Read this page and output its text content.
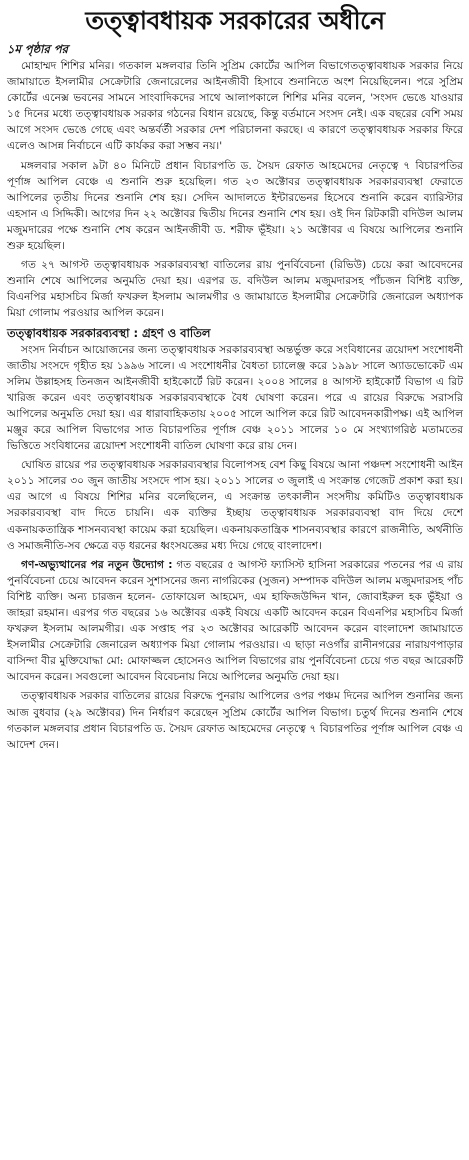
তত্ত্বাবধায়ক সরকারের অধীনে
১ম পৃষ্ঠার পর

মোহাম্মদ শিশির মনির। গতকাল মঙ্গলবার তিনি সুপ্রিম কোর্টের আপিল বিভাগেতত্ত্বাবধায়ক সরকার নিয়ে জামায়াতে ইসলামীর সেক্রেটারি জেনারেলের আইনজীবী হিসাবে শুনানিতে অংশ নিয়েছিলেন। পরে সুপ্রিম কোর্টের এনেক্স ভবনের সামনে সাংবাদিকদের সাথে আলাপকালে শিশির মনির বলেন, 'সংসদ ভেঙে যাওয়ার ১৫ দিনের মধ্যে তত্ত্বাবধায়ক সরকার গঠনের বিধান রয়েছে, কিন্তু বর্তমানে সংসদ নেই। এক বছরের বেশি সময় আগে সংসদ ভেঙে গেছে এবং অন্তর্বর্তী সরকার দেশ পরিচালনা করছে। এ কারণে তত্ত্বাবধায়ক সরকার ফিরে এলেও আসন্ন নির্বাচনে এটি কার্যকর করা সম্ভব নয়।'

মঙ্গলবার সকাল ৯টা ৪০ মিনিটে প্রধান বিচারপতি ড. সৈয়দ রেফাত আহমেদের নেতৃত্বে ৭ বিচারপতির পূর্ণাঙ্গ আপিল বেঞ্চে এ শুনানি শুরু হয়েছিল। গত ২৩ অক্টোবর তত্ত্বাবধায়ক সরকারব্যবস্থা ফেরাতে আপিলের তৃতীয় দিনের শুনানি শেষ হয়। সেদিন আদালতে ইন্টারভেনর হিসেবে শুনানি করেন ব্যারিস্টার এহসান এ সিদ্দিকী। আগের দিন ২২ অক্টোবর দ্বিতীয় দিনের শুনানি শেষ হয়। ওই দিন রিটকারী বদিউল আলম মজুমদারের পক্ষে শুনানি শেষ করেন আইনজীবী ড. শরীফ ভূঁইয়া। ২১ অক্টোবর এ বিষয়ে আপিলের শুনানি শুরু হয়েছিল।

গত ২৭ আগস্ট তত্ত্বাবধায়ক সরকারব্যবস্থা বাতিলের রায় পুনর্বিবেচনা (রিভিউ) চেয়ে করা আবেদনের শুনানি শেষে আপিলের অনুমতি দেয়া হয়। এরপর ড. বদিউল আলম মজুমদারসহ পাঁচজন বিশিষ্ট ব্যক্তি, বিএনপির মহাসচিব মির্জা ফখরুল ইসলাম আলমগীর ও জামায়াতে ইসলামীর সেক্রেটারি জেনারেল অধ্যাপক মিয়া গোলাম পরওয়ার আপিল করেন।

তত্ত্বাবধায়ক সরকারব্যবস্থা : গ্রহণ ও বাতিল

সংসদ নির্বাচন আয়োজনের জন্য তত্ত্বাবধায়ক সরকারব্যবস্থা অন্তর্ভুক্ত করে সংবিধানের ত্রয়োদশ সংশোধনী জাতীয় সংসদে গৃহীত হয় ১৯৯৬ সালে। এ সংশোধনীর বৈধতা চ্যালেঞ্জ করে ১৯৯৮ সালে অ্যাডভোকেট এম সলিম উল্লাহসহ তিনজন আইনজীবী হাইকোর্টে রিট করেন। ২০০৪ সালের ৪ আগস্ট হাইকোর্ট বিভাগ এ রিট খারিজ করেন এবং তত্ত্বাবধায়ক সরকারব্যবস্থাকে বৈধ ঘোষণা করেন। পরে এ রায়ের বিরুদ্ধে সরাসরি আপিলের অনুমতি দেয়া হয়। এর ধারাবাহিকতায় ২০০৫ সালে আপিল করে রিট আবেদনকারীপক্ষ। এই আপিল মঞ্জুর করে আপিল বিভাগের সাত বিচারপতির পূর্ণাঙ্গ বেঞ্চ ২০১১ সালের ১০ মে সংখ্যাগরিষ্ঠ মতামতের ভিত্তিতে সংবিধানের ত্রয়োদশ সংশোধনী বাতিল ঘোষণা করে রায় দেন।

ঘোষিত রায়ের পর তত্ত্বাবধায়ক সরকারব্যবস্থার বিলোপসহ বেশ কিছু বিষয়ে আনা পঞ্চদশ সংশোধনী আইন ২০১১ সালের ৩০ জুন জাতীয় সংসদে পাস হয়। ২০১১ সালের ৩ জুলাই এ সংক্রান্ত গেজেট প্রকাশ করা হয়। এর আগে এ বিষয়ে শিশির মনির বলেছিলেন, এ সংক্রান্ত তৎকালীন সংসদীয় কমিটিও তত্ত্বাবধায়ক সরকারব্যবস্থা বাদ দিতে চায়নি। এক ব্যক্তির ইচ্ছায় তত্ত্বাবধায়ক সরকারব্যবস্থা বাদ দিয়ে দেশে একনায়কতান্ত্রিক শাসনব্যবস্থা কায়েম করা হয়েছিল। একনায়কতান্ত্রিক শাসনব্যবস্থার কারণে রাজনীতি, অর্থনীতি ও সমাজনীতি-সব ক্ষেত্রে বড় ধরনের ধ্বংসযজ্ঞের মধ্য দিয়ে গেছে বাংলাদেশ।

গণ-অভ্যুত্থানের পর নতুন উদ্যোগ : গত বছরের ৫ আগস্ট ফ্যাসিস্ট হাসিনা সরকারের পতনের পর এ রায় পুনর্বিবেচনা চেয়ে আবেদন করেন সুশাসনের জন্য নাগরিকের (সুজন) সম্পাদক বদিউল আলম মজুমদারসহ পাঁচ বিশিষ্ট ব্যক্তি। অন্য চারজন হলেন- তোফায়েল আহমেদ, এম হাফিজউদ্দিন খান, জোবাইরুল হক ভুঁইয়া ও জাহরা রহমান। এরপর গত বছরের ১৬ অক্টোবর একই বিষয়ে একটি আবেদন করেন বিএনপির মহাসচিব মির্জা ফখরুল ইসলাম আলমগীর। এক সপ্তাহ পর ২৩ অক্টোবর আরেকটি আবেদন করেন বাংলাদেশ জামায়াতে ইসলামীর সেক্রেটারি জেনারেল অধ্যাপক মিয়া গোলাম পরওয়ার। এ ছাড়া নওগাঁর রানীনগরের নারায়ণপাড়ার বাসিন্দা বীর মুক্তিযোদ্ধা মো: মোফাজ্জল হোসেনও আপিল বিভাগের রায় পুনর্বিবেচনা চেয়ে গত বছর আরেকটি আবেদন করেন। সবগুলো আবেদন বিবেচনায় নিয়ে আপিলের অনুমতি দেয়া হয়।

তত্ত্বাবধায়ক সরকার বাতিলের রায়ের বিরুদ্ধে পুনরায় আপিলের ওপর পঞ্চম দিনের আপিল শুনানির জন্য আজ বুধবার (২৯ অক্টোবর) দিন নির্ধারণ করেছেন সুপ্রিম কোর্টের আপিল বিভাগ। চতুর্থ দিনের শুনানি শেষে গতকাল মঙ্গলবার প্রধান বিচারপতি ড. সৈয়দ রেফাত আহমেদের নেতৃত্বে ৭ বিচারপতির পূর্ণাঙ্গ আপিল বেঞ্চ এ আদেশ দেন।
